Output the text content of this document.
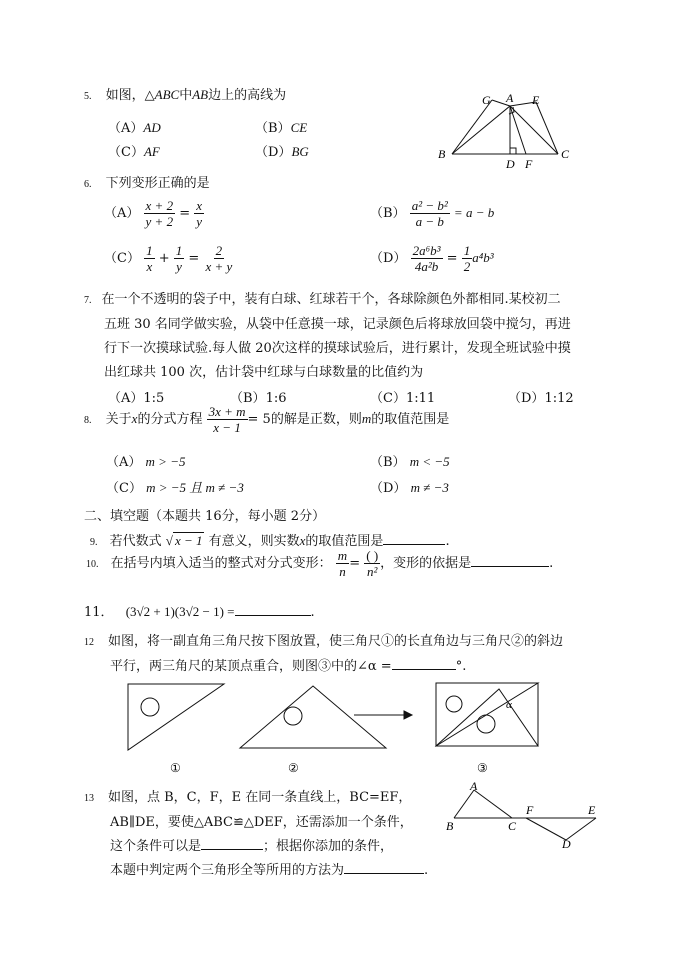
5. 如图，△ABC中AB边上的高线为
（A）AD	（B）CE
（C）AF	（D）BG
G A E
B
D F
C
6. 下列变形正确的是
$(A) \frac{x + 2}{y + 2} = \frac{x}{y}$	$(B) \frac{\text{a² − b²}}{a - b} = a - b$
$(C) \frac{1}{x} + \frac{1}{y} = \frac{2}{x + y}$	$(D) \frac{\text{2a⁶b³}}{\text{4a²b}} = \frac{1}{2} a^4b^3$
7. 在一个不透明的袋子中，装有白球、红球若干个，各球除颜色外都相同.某校初二
五班 30 名同学做实验，从袋中任意摸一球，记录颜色后将球放回袋中搅匀，再进
行下一次摸球试验.每人做 20次这样的摸球试验后，进行累计，发现全班试验中摸
出红球共 100 次，估计袋中红球与白球数量的比值约为
（A）1:5	（B）1:6	（C）1:11	（D）1:12
8. 关于x的分式方程 $\frac{3x + m}{x - 1} = 5$的解是正数，则m的取值范围是
（A） m > −5	（B） m < −5
（C） m > −5 且 m ≠ −3	（D） m ≠ −3
二、填空题（本题共 16分，每小题 2分）
9. 若代数式 √ x − 1 有意义，则实数x的取值范围是	.
10. 在括号内填入适当的整式对分式变形： $\frac{m}{n} = \frac{( )}{\text{n²}}$ ，变形的依据是	.
11． (3√2 + 1)(3√2 − 1) =	.
12 如图，将一副直角三角尺按下图放置，使三角尺①的长直角边与三角尺②的斜边
平行，两三角尺的某顶点重合，则图③中的∠α =	°.
α
①	②	③
13 如图，点 B，C，F，E 在同一条直线上，BC=EF，
AB∥DE，要使△ABC≌△DEF，还需添加一个条件，
这个条件可以是	；根据你添加的条件，
本题中判定两个三角形全等所用的方法为	.
A
B	C
F	E
D
